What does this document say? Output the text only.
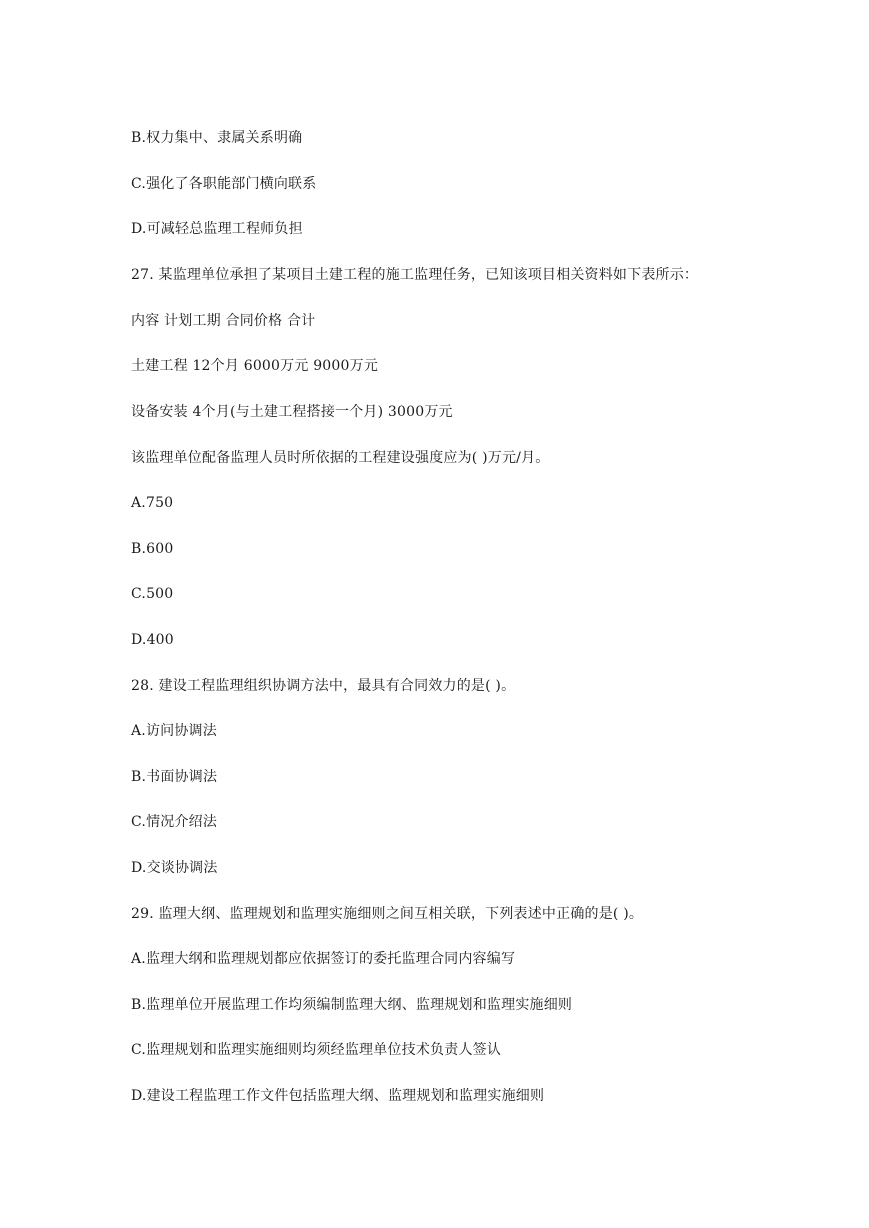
B.权力集中、隶属关系明确
C.强化了各职能部门横向联系
D.可减轻总监理工程师负担
27. 某监理单位承担了某项目土建工程的施工监理任务，已知该项目相关资料如下表所示：
内容 计划工期 合同价格 合计
土建工程 12个月 6000万元 9000万元
设备安装 4个月(与土建工程搭接一个月) 3000万元
该监理单位配备监理人员时所依据的工程建设强度应为( )万元/月。
A.750
B.600
C.500
D.400
28. 建设工程监理组织协调方法中，最具有合同效力的是( )。
A.访问协调法
B.书面协调法
C.情况介绍法
D.交谈协调法
29. 监理大纲、监理规划和监理实施细则之间互相关联，下列表述中正确的是( )。
A.监理大纲和监理规划都应依据签订的委托监理合同内容编写
B.监理单位开展监理工作均须编制监理大纲、监理规划和监理实施细则
C.监理规划和监理实施细则均须经监理单位技术负责人签认
D.建设工程监理工作文件包括监理大纲、监理规划和监理实施细则
